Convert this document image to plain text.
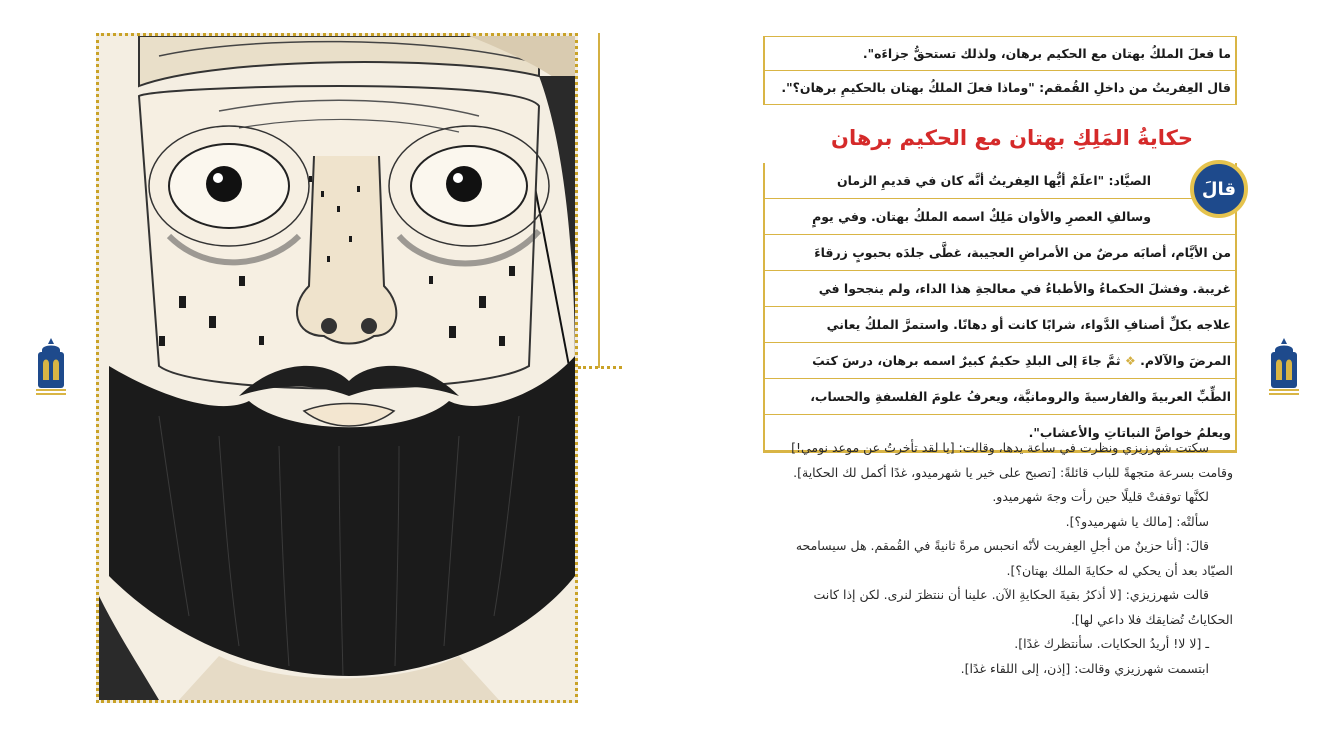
ما فعلَ الملكُ بهتان مع الحكيم برهان، ولذلك تستحقُّ جزاءَه".
قال العِفريتُ من داخلِ القُمقم: "وماذا فعلَ الملكُ بهتان بالحكيمِ برهان؟".
حكايةُ المَلِكِ بهتان مع الحكيم برهان
الصيَّاد: "اعلَمْ أيُّها العِفريتُ أنَّه كان في قديمِ الزمان
وسالفِ العصرِ والأوان مَلِكٌ اسمه الملكُ بهتان. وفي يومٍ
من الأيَّام، أصابَه مرضٌ من الأمراضِ العجيبة، غطَّى جلدَه بحبوبٍ زرقاءَ
غريبة. وفشلَ الحكماءُ والأطباءُ في معالجةِ هذا الداء، ولم ينجحوا في
علاجه بكلِّ أصنافِ الدَّواء، شرابًا كانت أو دهانًا. واستمرَّ الملكُ يعاني
المرضَ والآلام. ❖ ثمَّ جاءَ إلى البلدِ حكيمٌ كبيرٌ اسمه برهان، درسَ كتبَ
الطِّبِّ العربيةَ والفارسيةَ والرومانيَّة، ويعرفُ علومَ الفلسفةِ والحساب،
ويعلمُ خواصَّ النباتاتِ والأعشاب".
قالَ

سكتت شهرزيزي ونظرت في ساعة يدها، وقالت: [يا لقد تأخرتُ عن موعد نومي!]

وقامت بسرعة متجهةً للباب قائلةً: [تصبح على خير يا شهرميدو، غدًا أكمل لك الحكاية].

لكنَّها توقفتْ قليلًا حين رأت وجهَ شهرميدو.

سألتْه: [مالك يا شهرميدو؟].

قالَ: [أنا حزينٌ من أجلِ العِفريت لأنّه انحبس مرةً ثانيةً في القُمقم. هل سيسامحه

الصيّاد بعد أن يحكي له حكايةَ الملك بهتان؟].

قالت شهرزيزي: [لا أذكرُ بقيةَ الحكايةِ الآن. علينا أن ننتظرَ لنرى. لكن إذا كانت

الحكاياتُ تُضايقك فلا داعي لها].

ـ [لا لا! أريدُ الحكايات. سأنتظرك غدًا].

ابتسمت شهرزيزي وقالت: [إذن، إلى اللقاء غدًا].
